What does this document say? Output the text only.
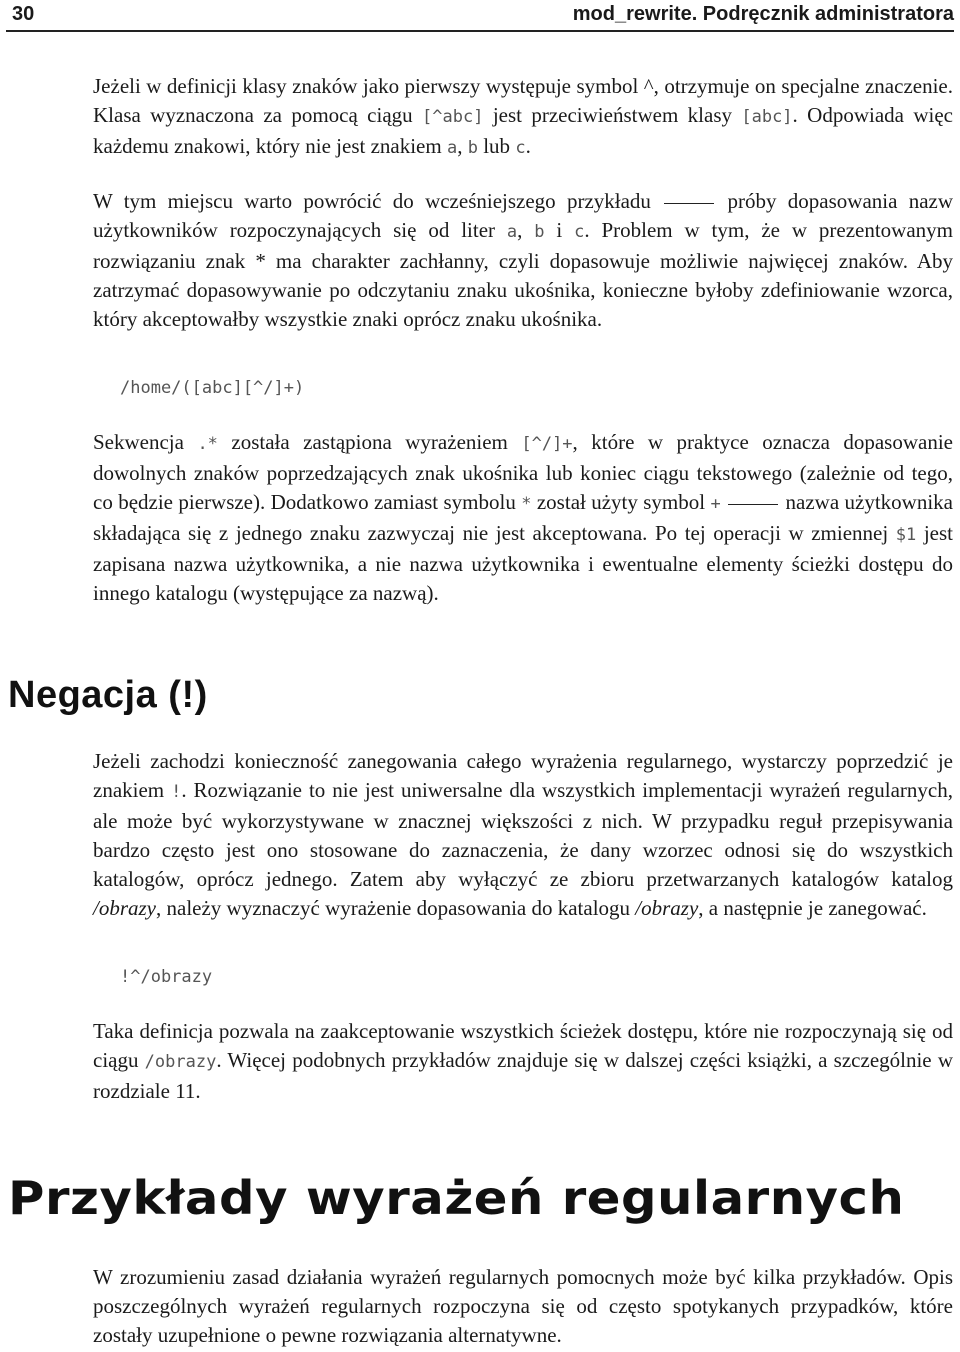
30	mod_rewrite. Podręcznik administratora

Jeżeli w definicji klasy znaków jako pierwszy występuje symbol ^, otrzymuje on specjalne znaczenie. Klasa wyznaczona za pomocą ciągu [^abc] jest przeciwieństwem klasy [abc]. Odpowiada więc każdemu znakowi, który nie jest znakiem a, b lub c.

W tym miejscu warto powrócić do wcześniejszego przykładu	próby dopasowania nazw użytkowników rozpoczynających się od liter a, b i c. Problem w tym, że w prezentowanym rozwiązaniu znak * ma charakter zachłanny, czyli dopasowuje możliwie najwięcej znaków. Aby zatrzymać dopasowywanie po odczytaniu znaku ukośnika, konieczne byłoby zdefiniowanie wzorca, który akceptowałby wszystkie znaki oprócz znaku ukośnika.

/home/([abc][^/]+)

Sekwencja .* została zastąpiona wyrażeniem [^/]+, które w praktyce oznacza dopasowanie dowolnych znaków poprzedzających znak ukośnika lub koniec ciągu tekstowego (zależnie od tego, co będzie pierwsze). Dodatkowo zamiast symbolu * został użyty symbol +	nazwa użytkownika składająca się z jednego znaku zazwyczaj nie jest akceptowana. Po tej operacji w zmiennej $1 jest zapisana nazwa użytkownika, a nie nazwa użytkownika i ewentualne elementy ścieżki dostępu do innego katalogu (występujące za nazwą).

Negacja (!)

Jeżeli zachodzi konieczność zanegowania całego wyrażenia regularnego, wystarczy poprzedzić je znakiem !. Rozwiązanie to nie jest uniwersalne dla wszystkich implementacji wyrażeń regularnych, ale może być wykorzystywane w znacznej większości z nich. W przypadku reguł przepisywania bardzo często jest ono stosowane do zaznaczenia, że dany wzorzec odnosi się do wszystkich katalogów, oprócz jednego. Zatem aby wyłączyć ze zbioru przetwarzanych katalogów katalog /obrazy, należy wyznaczyć wyrażenie dopasowania do katalogu /obrazy, a następnie je zanegować.

!^/obrazy

Taka definicja pozwala na zaakceptowanie wszystkich ścieżek dostępu, które nie rozpoczynają się od ciągu /obrazy. Więcej podobnych przykładów znajduje się w dalszej części książki, a szczególnie w rozdziale 11.

Przykłady wyrażeń regularnych

W zrozumieniu zasad działania wyrażeń regularnych pomocnych może być kilka przykładów. Opis poszczególnych wyrażeń regularnych rozpoczyna się od często spotykanych przypadków, które zostały uzupełnione o pewne rozwiązania alternatywne.
